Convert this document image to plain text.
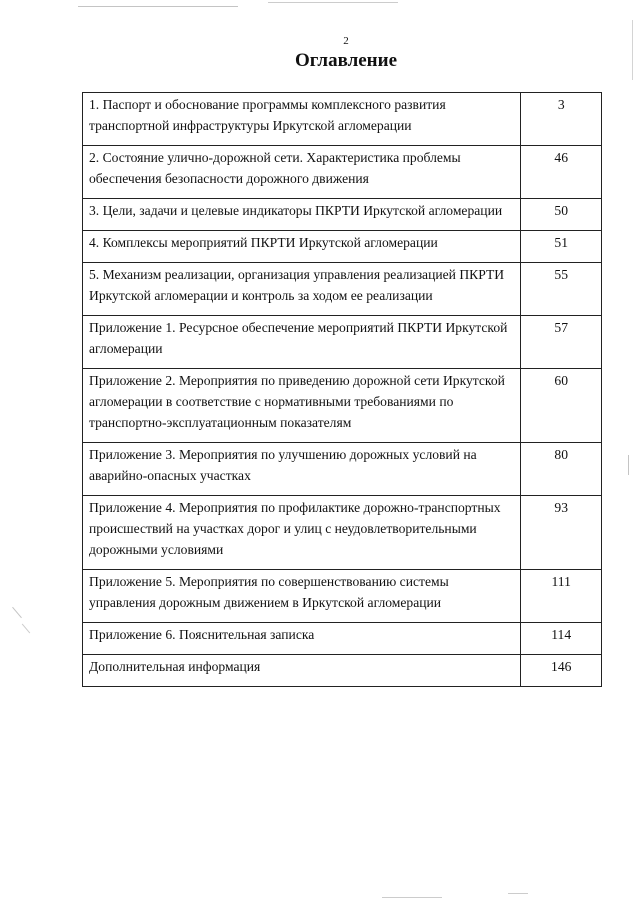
2
Оглавление
1. Паспорт и обоснование программы комплексного развития транспортной инфраструктуры Иркутской агломерации	3
2. Состояние улично-дорожной сети. Характеристика проблемы обеспечения безопасности дорожного движения	46
3. Цели, задачи и целевые индикаторы ПКРТИ Иркутской агломерации	50
4. Комплексы мероприятий ПКРТИ Иркутской агломерации	51
5. Механизм реализации, организация управления реализацией ПКРТИ Иркутской агломерации и контроль за ходом ее реализации	55
Приложение 1. Ресурсное обеспечение мероприятий ПКРТИ Иркутской агломерации	57
Приложение 2. Мероприятия по приведению дорожной сети Иркутской агломерации в соответствие с нормативными требованиями по транспортно-эксплуатационным показателям	60
Приложение 3. Мероприятия по улучшению дорожных условий на аварийно-опасных участках	80
Приложение 4. Мероприятия по профилактике дорожно-транспортных происшествий на участках дорог и улиц с неудовлетворительными дорожными условиями	93
Приложение 5. Мероприятия по совершенствованию системы управления дорожным движением в Иркутской агломерации	111
Приложение 6. Пояснительная записка	114
Дополнительная информация	146
